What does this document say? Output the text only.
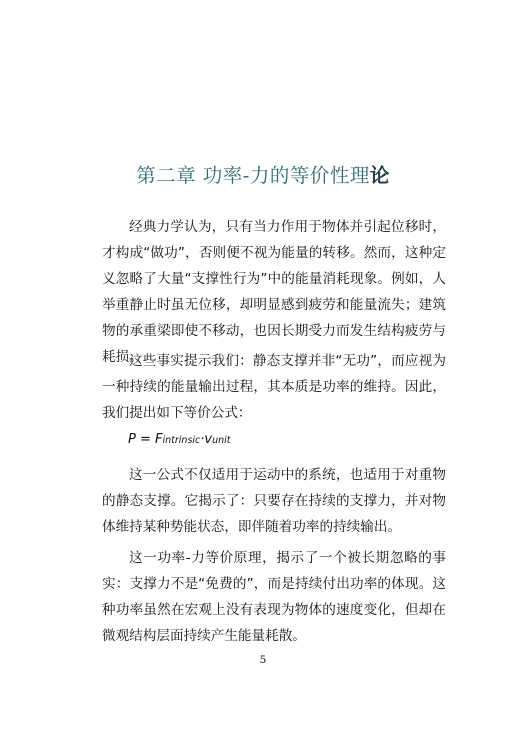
第二章 功率-力的等价性理论

经典力学认为，只有当力作用于物体并引起位移时，才构成“做功”，否则便不视为能量的转移。然而，这种定义忽略了大量“支撑性行为”中的能量消耗现象。例如，人举重静止时虽无位移，却明显感到疲劳和能量流失；建筑物的承重梁即使不移动，也因长期受力而发生结构疲劳与耗损。

这些事实提示我们：静态支撑并非“无功”，而应视为一种持续的能量输出过程，其本质是功率的维持。因此，我们提出如下等价公式：

P = Fintrinsic·vunit

这一公式不仅适用于运动中的系统，也适用于对重物的静态支撑。它揭示了：只要存在持续的支撑力，并对物体维持某种势能状态，即伴随着功率的持续输出。

这一功率-力等价原理，揭示了一个被长期忽略的事实：支撑力不是“免费的”，而是持续付出功率的体现。这种功率虽然在宏观上没有表现为物体的速度变化，但却在微观结构层面持续产生能量耗散。

5
